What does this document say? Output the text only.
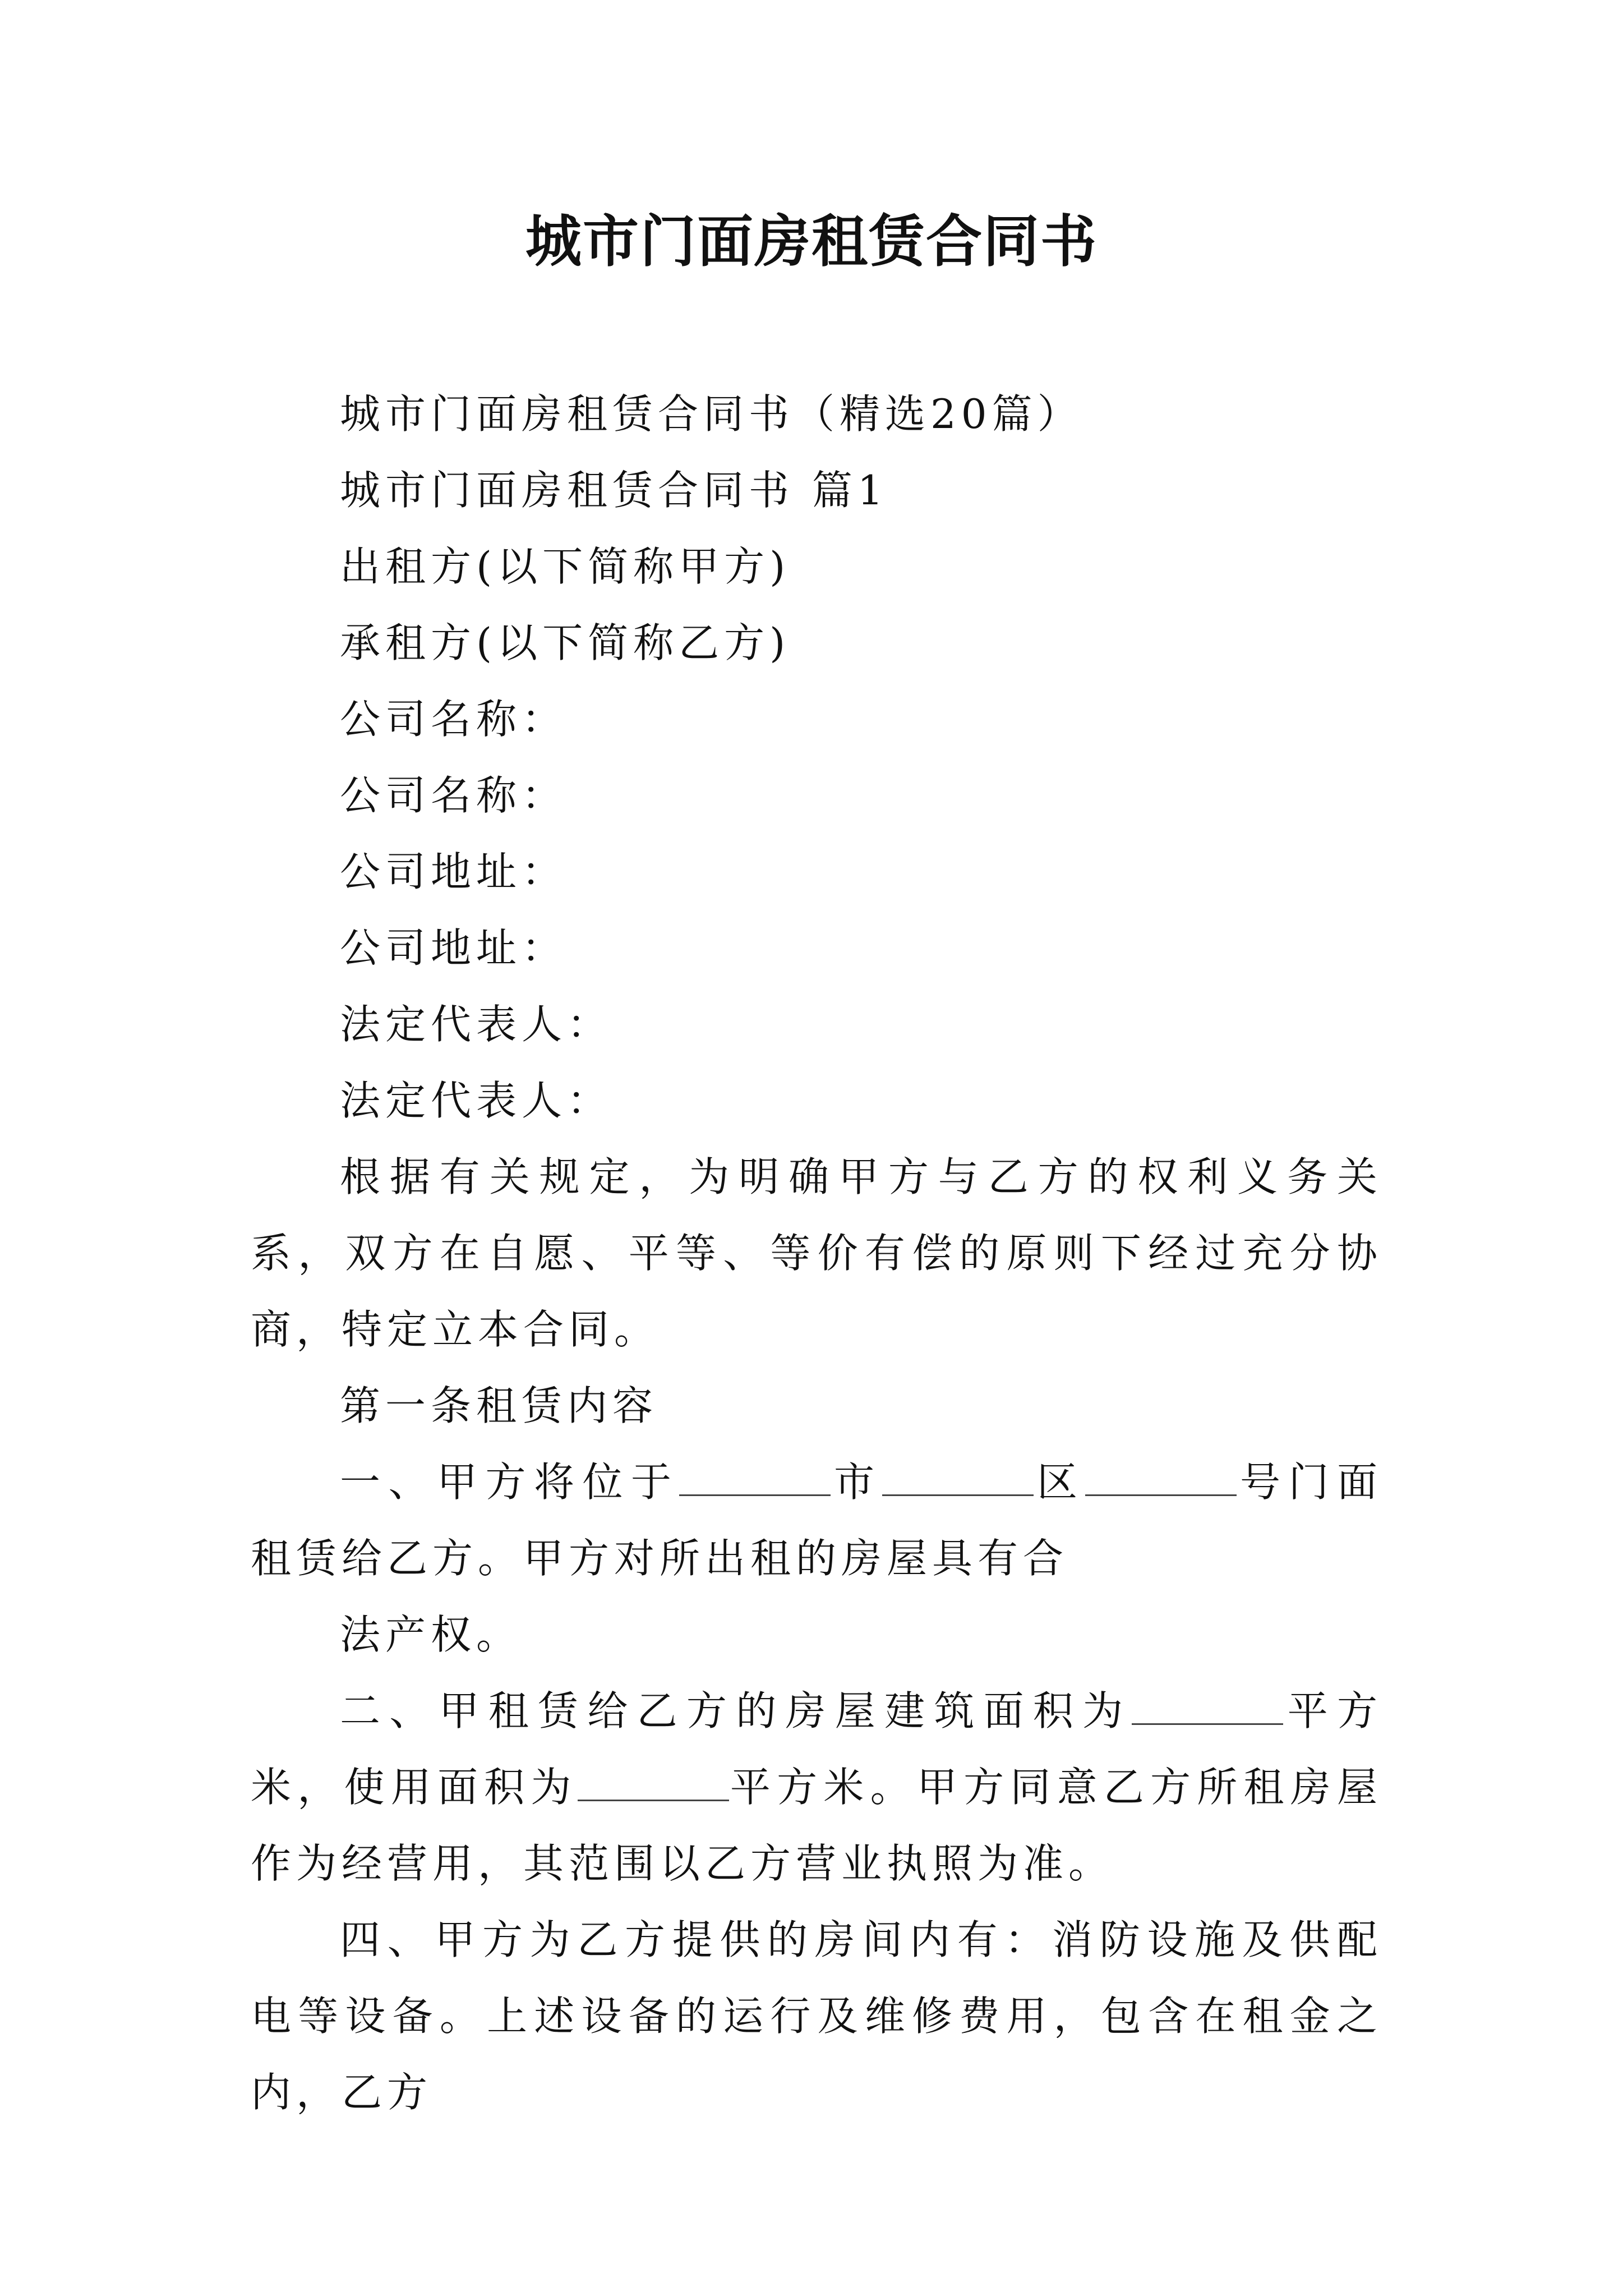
城市门面房租赁合同书

城市门面房租赁合同书（精选20篇）

城市门面房租赁合同书 篇1

出租方(以下简称甲方)

承租方(以下简称乙方)

公司名称：

公司名称：

公司地址：

公司地址：

法定代表人：

法定代表人：

根据有关规定，为明确甲方与乙方的权利义务关系，双方在自愿、平等、等价有偿的原则下经过充分协商，特定立本合同。

第一条租赁内容

一、甲方将位于	市	区	号门面租赁给乙方。甲方对所出租的房屋具有合

法产权。

二、甲租赁给乙方的房屋建筑面积为	平方米，使用面积为	平方米。甲方同意乙方所租房屋作为经营用，其范围以乙方营业执照为准。

四、甲方为乙方提供的房间内有：消防设施及供配电等设备。上述设备的运行及维修费用，包含在租金之内，乙方
